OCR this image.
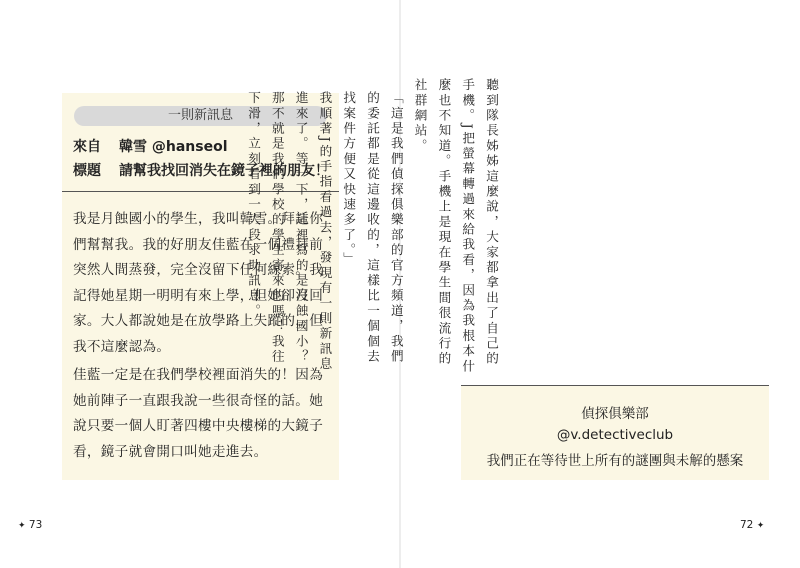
一則新訊息
來自 韓雪 @hanseol
標題 請幫我找回消失在鏡子裡的朋友！
我是月蝕國小的學生，我叫韓雪。拜託你們幫幫我。我的好朋友佳藍在一個禮拜前突然人間蒸發，完全沒留下任何線索。我記得她星期一明明有來上學，但她卻沒回家。大人都說她是在放學路上失蹤的，但我不這麼認為。
佳藍一定是在我們學校裡面消失的！因為她前陣子一直跟我說一些很奇怪的話。她說只要一個人盯著四樓中央樓梯的大鏡子看，鏡子就會開口叫她走進去。
✦ 73

聽到隊長姊姊這麼說，大家都拿出了自己的手機。J把螢幕轉過來給我看，因為我根本什麼也不知道。手機上是現在學生間很流行的社群網站。

「這是我們偵探俱樂部的官方頻道，我們的委託都是從這邊收的，這樣比一個個去找案件方便又快速多了。」

我順著J的手指看過去，發現有一則新訊息進來了。等一下，這裡寫的是月蝕國小？那不就是我們學校的學生寄來的嗎！我往下滑，立刻看到一大段求助訊息。

偵探俱樂部
@v.detectiveclub
我們正在等待世上所有的謎團與未解的懸案
72 ✦
